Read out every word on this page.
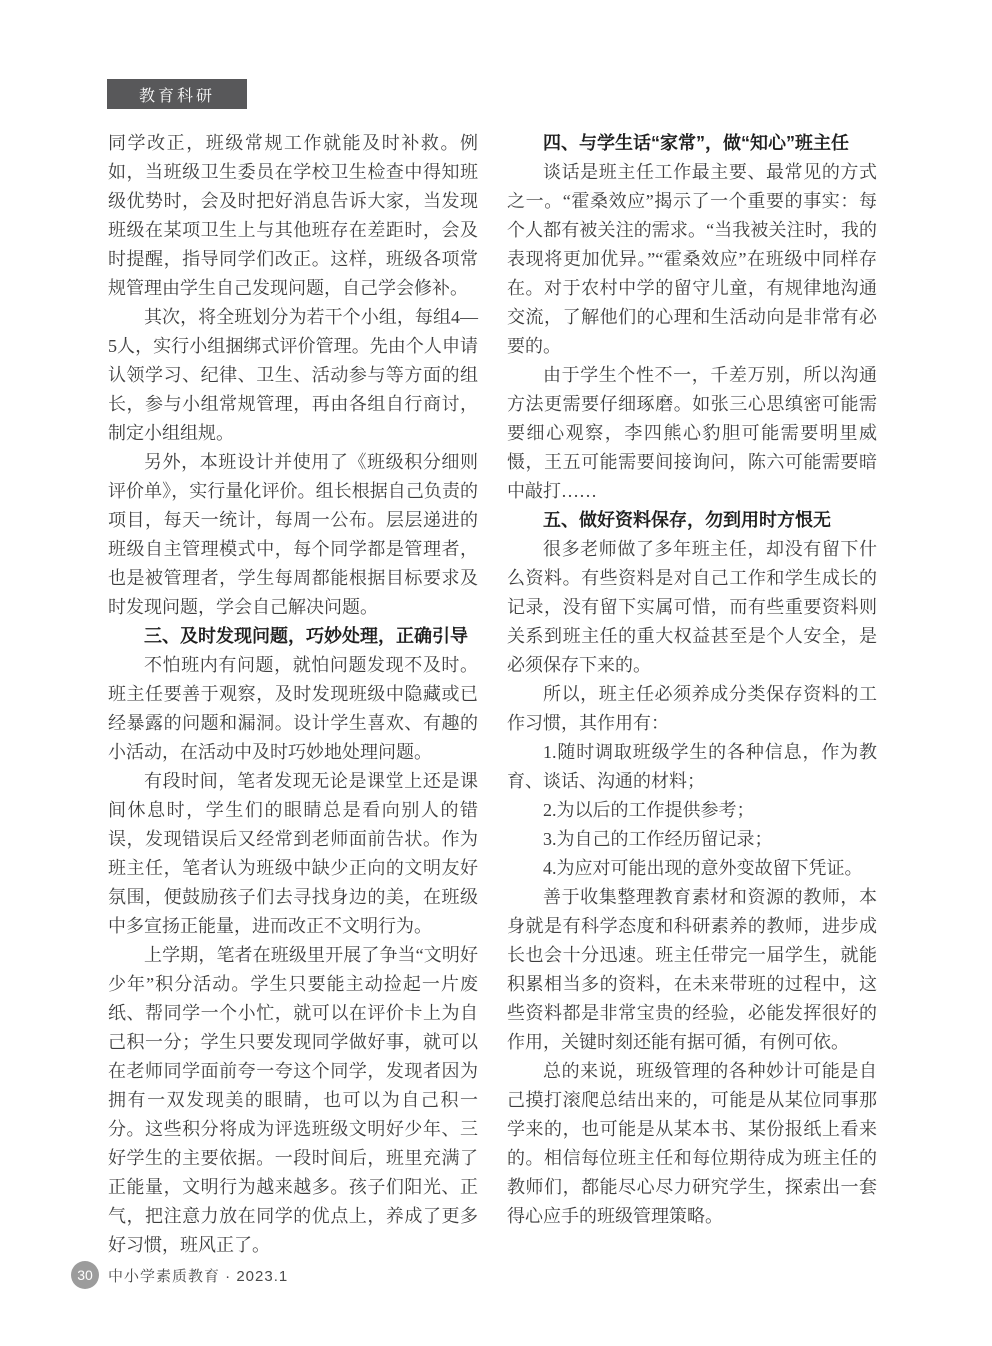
教育科研

同学改正，班级常规工作就能及时补救。例如，当班级卫生委员在学校卫生检查中得知班级优势时，会及时把好消息告诉大家，当发现班级在某项卫生上与其他班存在差距时，会及时提醒，指导同学们改正。这样，班级各项常规管理由学生自己发现问题，自己学会修补。

其次，将全班划分为若干个小组，每组4—5人，实行小组捆绑式评价管理。先由个人申请认领学习、纪律、卫生、活动参与等方面的组长，参与小组常规管理，再由各组自行商讨，制定小组组规。

另外，本班设计并使用了《班级积分细则评价单》，实行量化评价。组长根据自己负责的项目，每天一统计，每周一公布。层层递进的班级自主管理模式中，每个同学都是管理者，也是被管理者，学生每周都能根据目标要求及时发现问题，学会自己解决问题。

三、及时发现问题，巧妙处理，正确引导

不怕班内有问题，就怕问题发现不及时。班主任要善于观察，及时发现班级中隐藏或已经暴露的问题和漏洞。设计学生喜欢、有趣的小活动，在活动中及时巧妙地处理问题。

有段时间，笔者发现无论是课堂上还是课间休息时，学生们的眼睛总是看向别人的错误，发现错误后又经常到老师面前告状。作为班主任，笔者认为班级中缺少正向的文明友好氛围，便鼓励孩子们去寻找身边的美，在班级中多宣扬正能量，进而改正不文明行为。

上学期，笔者在班级里开展了争当“文明好少年”积分活动。学生只要能主动捡起一片废纸、帮同学一个小忙，就可以在评价卡上为自己积一分；学生只要发现同学做好事，就可以在老师同学面前夸一夸这个同学，发现者因为拥有一双发现美的眼睛，也可以为自己积一分。这些积分将成为评选班级文明好少年、三好学生的主要依据。一段时间后，班里充满了正能量，文明行为越来越多。孩子们阳光、正气，把注意力放在同学的优点上，养成了更多好习惯，班风正了。

四、与学生话“家常”，做“知心”班主任

谈话是班主任工作最主要、最常见的方式之一。“霍桑效应”揭示了一个重要的事实：每个人都有被关注的需求。“当我被关注时，我的表现将更加优异。”“霍桑效应”在班级中同样存在。对于农村中学的留守儿童，有规律地沟通交流，了解他们的心理和生活动向是非常有必要的。

由于学生个性不一，千差万别，所以沟通方法更需要仔细琢磨。如张三心思缜密可能需要细心观察，李四熊心豹胆可能需要明里威慑，王五可能需要间接询问，陈六可能需要暗中敲打……

五、做好资料保存，勿到用时方恨无

很多老师做了多年班主任，却没有留下什么资料。有些资料是对自己工作和学生成长的记录，没有留下实属可惜，而有些重要资料则关系到班主任的重大权益甚至是个人安全，是必须保存下来的。

所以，班主任必须养成分类保存资料的工作习惯，其作用有：

1.随时调取班级学生的各种信息，作为教育、谈话、沟通的材料；

2.为以后的工作提供参考；

3.为自己的工作经历留记录；

4.为应对可能出现的意外变故留下凭证。

善于收集整理教育素材和资源的教师，本身就是有科学态度和科研素养的教师，进步成长也会十分迅速。班主任带完一届学生，就能积累相当多的资料，在未来带班的过程中，这些资料都是非常宝贵的经验，必能发挥很好的作用，关键时刻还能有据可循，有例可依。

总的来说，班级管理的各种妙计可能是自己摸打滚爬总结出来的，可能是从某位同事那学来的，也可能是从某本书、某份报纸上看来的。相信每位班主任和每位期待成为班主任的教师们，都能尽心尽力研究学生，探索出一套得心应手的班级管理策略。

30	中小学素质教育 · 2023.1
